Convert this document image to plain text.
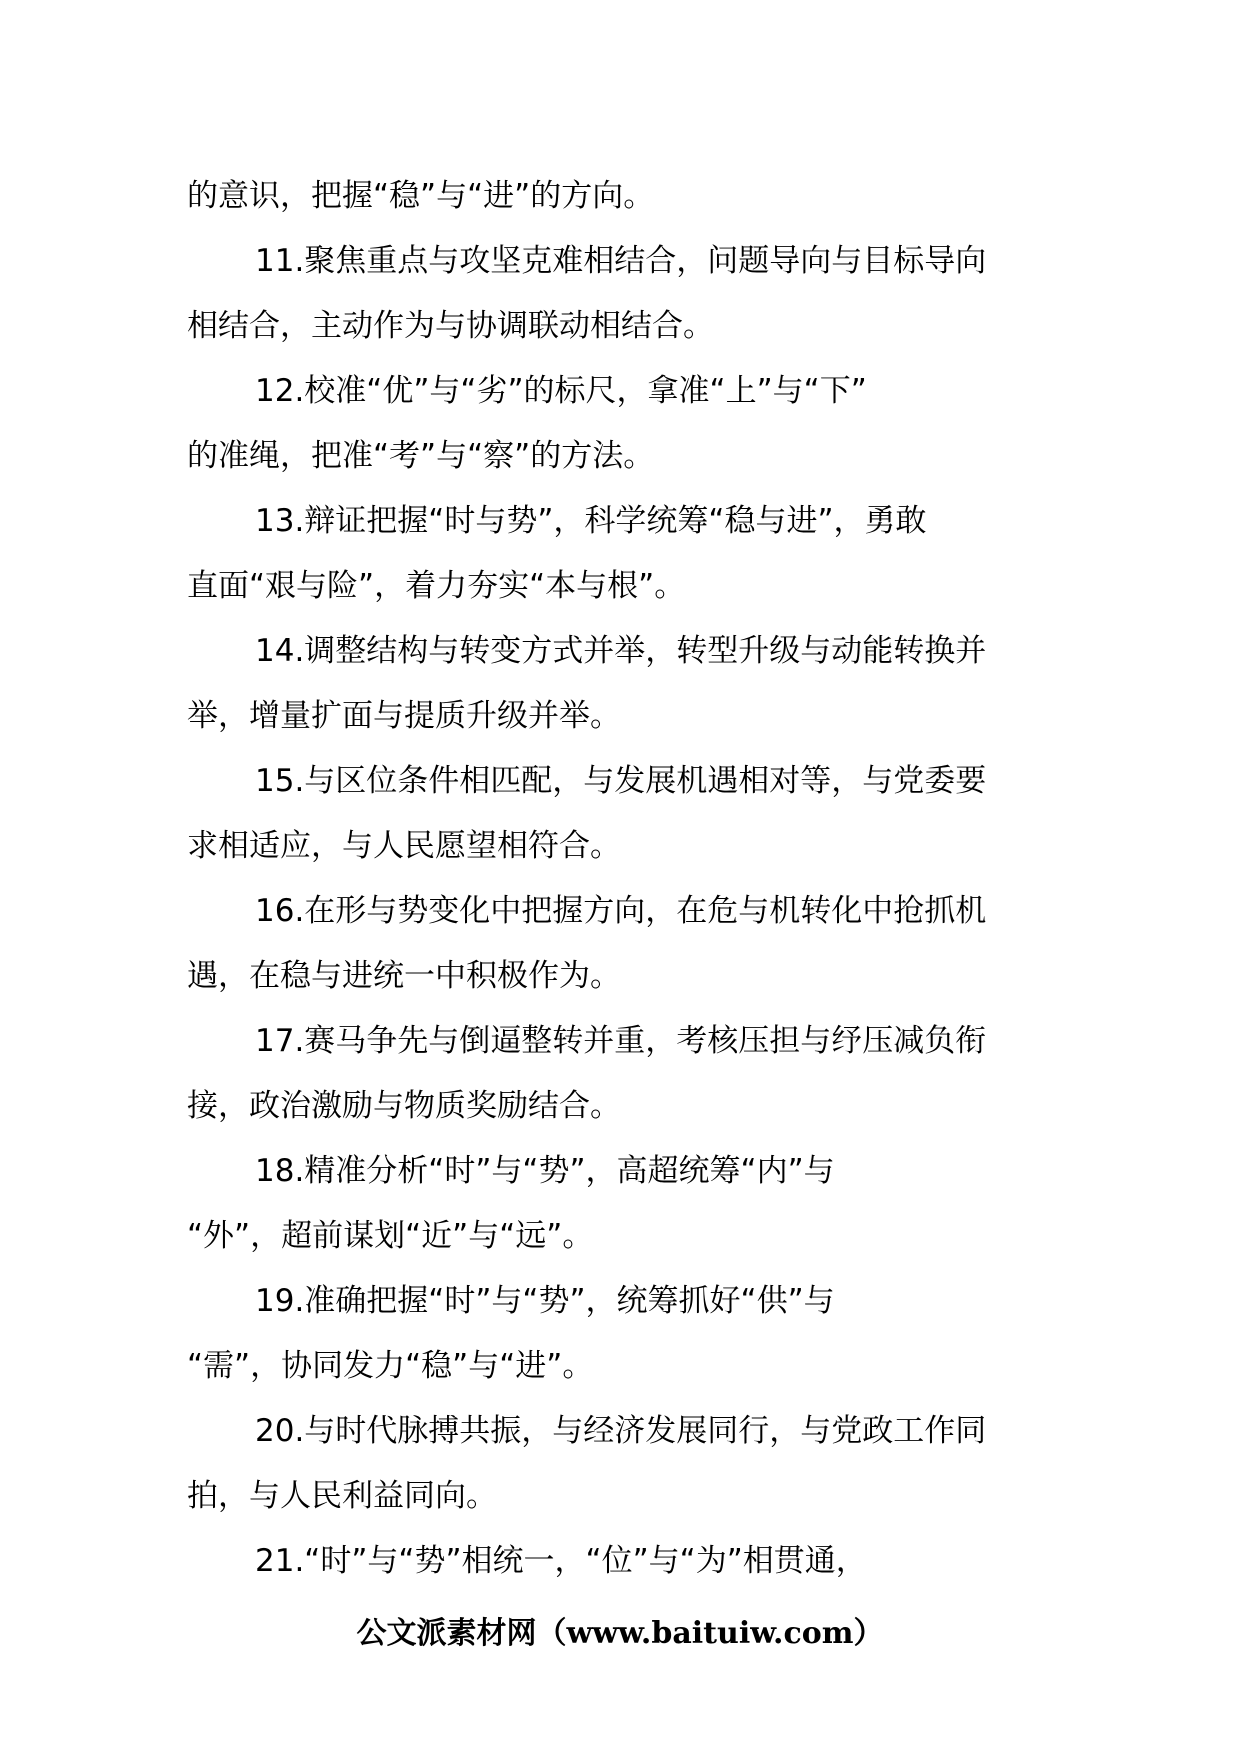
的意识，把握“稳”与“进”的方向。
11.聚焦重点与攻坚克难相结合，问题导向与目标导向
相结合，主动作为与协调联动相结合。
12.校准“优”与“劣”的标尺，拿准“上”与“下”
的准绳，把准“考”与“察”的方法。
13.辩证把握“时与势”，科学统筹“稳与进”，勇敢
直面“艰与险”，着力夯实“本与根”。
14.调整结构与转变方式并举，转型升级与动能转换并
举，增量扩面与提质升级并举。
15.与区位条件相匹配，与发展机遇相对等，与党委要
求相适应，与人民愿望相符合。
16.在形与势变化中把握方向，在危与机转化中抢抓机
遇，在稳与进统一中积极作为。
17.赛马争先与倒逼整转并重，考核压担与纾压减负衔
接，政治激励与物质奖励结合。
18.精准分析“时”与“势”，高超统筹“内”与
“外”，超前谋划“近”与“远”。
19.准确把握“时”与“势”，统筹抓好“供”与
“需”，协同发力“稳”与“进”。
20.与时代脉搏共振，与经济发展同行，与党政工作同
拍，与人民利益同向。
21.“时”与“势”相统一，“位”与“为”相贯通，
公文派素材网（www.baituiw.com）
